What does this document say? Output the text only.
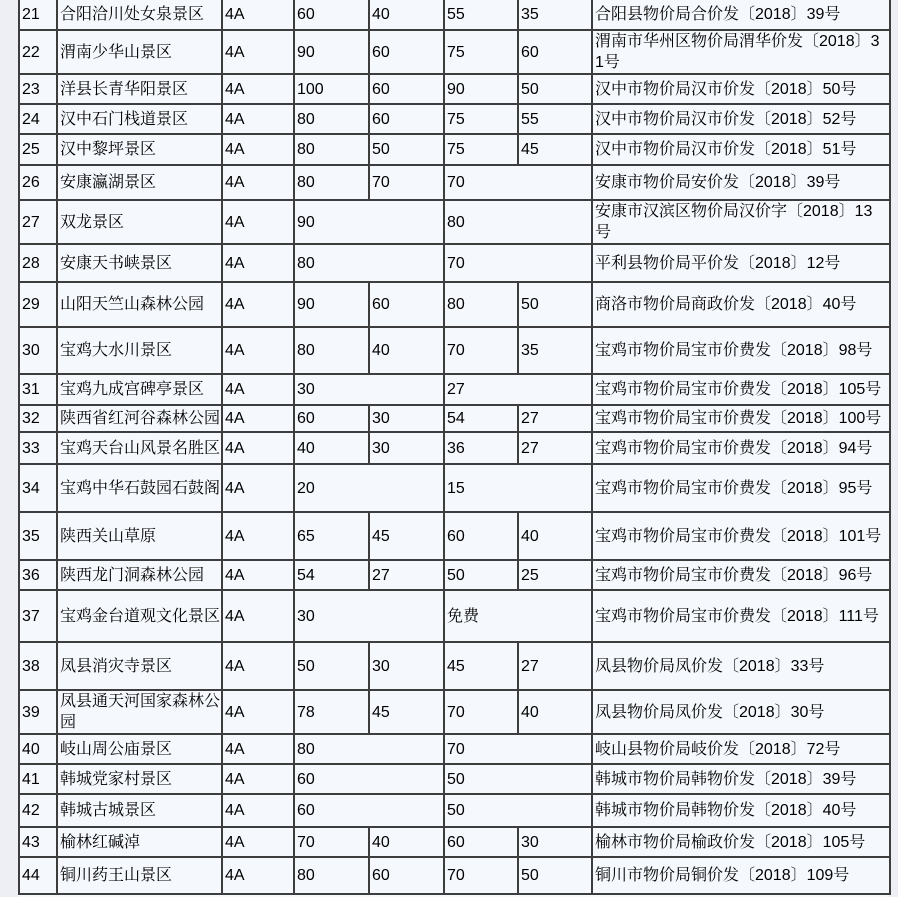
21	合阳洽川处女泉景区	4A	60	40	55	35	合阳县物价局合价发〔2018〕39号
22	渭南少华山景区	4A	90	60	75	60	渭南市华州区物价局渭华价发〔2018〕31号
23	洋县长青华阳景区	4A	100	60	90	50	汉中市物价局汉市价发〔2018〕50号
24	汉中石门栈道景区	4A	80	60	75	55	汉中市物价局汉市价发〔2018〕52号
25	汉中黎坪景区	4A	80	50	75	45	汉中市物价局汉市价发〔2018〕51号
26	安康瀛湖景区	4A	80	70	70		安康市物价局安价发〔2018〕39号
27	双龙景区	4A	90		80		安康市汉滨区物价局汉价字〔2018〕13号
28	安康天书峡景区	4A	80		70		平利县物价局平价发〔2018〕12号
29	山阳天竺山森林公园	4A	90	60	80	50	商洛市物价局商政价发〔2018〕40号
30	宝鸡大水川景区	4A	80	40	70	35	宝鸡市物价局宝市价费发〔2018〕98号
31	宝鸡九成宫碑亭景区	4A	30		27		宝鸡市物价局宝市价费发〔2018〕105号
32	陕西省红河谷森林公园	4A	60	30	54	27	宝鸡市物价局宝市价费发〔2018〕100号
33	宝鸡天台山风景名胜区	4A	40	30	36	27	宝鸡市物价局宝市价费发〔2018〕94号
34	宝鸡中华石鼓园石鼓阁	4A	20		15		宝鸡市物价局宝市价费发〔2018〕95号
35	陕西关山草原	4A	65	45	60	40	宝鸡市物价局宝市价费发〔2018〕101号
36	陕西龙门洞森林公园	4A	54	27	50	25	宝鸡市物价局宝市价费发〔2018〕96号
37	宝鸡金台道观文化景区	4A	30		免费		宝鸡市物价局宝市价费发〔2018〕111号
38	凤县消灾寺景区	4A	50	30	45	27	凤县物价局凤价发〔2018〕33号
39	凤县通天河国家森林公园	4A	78	45	70	40	凤县物价局凤价发〔2018〕30号
40	岐山周公庙景区	4A	80		70		岐山县物价局岐价发〔2018〕72号
41	韩城党家村景区	4A	60		50		韩城市物价局韩物价发〔2018〕39号
42	韩城古城景区	4A	60		50		韩城市物价局韩物价发〔2018〕40号
43	榆林红碱淖	4A	70	40	60	30	榆林市物价局榆政价发〔2018〕105号
44	铜川药王山景区	4A	80	60	70	50	铜川市物价局铜价发〔2018〕109号
